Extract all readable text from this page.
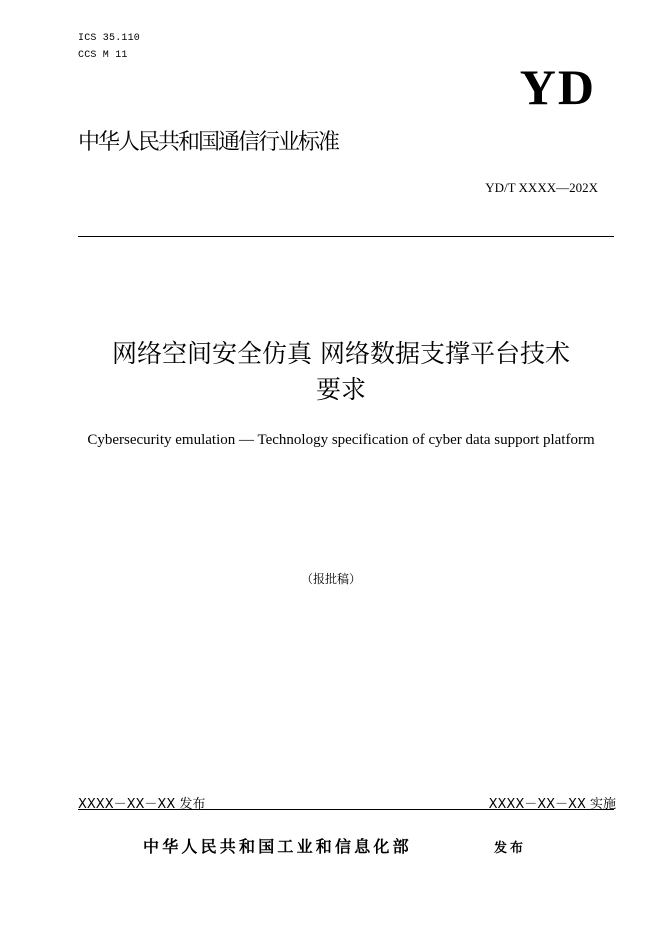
ICS 35.110
CCS M 11
YD
中华人民共和国通信行业标准
YD/T XXXX—202X
网络空间安全仿真 网络数据支撑平台技术
要求
Cybersecurity emulation — Technology specification of cyber data support platform
（报批稿）
XXXX－XX－XX 发布	XXXX－XX－XX 实施
中华人民共和国工业和信息化部	发布
